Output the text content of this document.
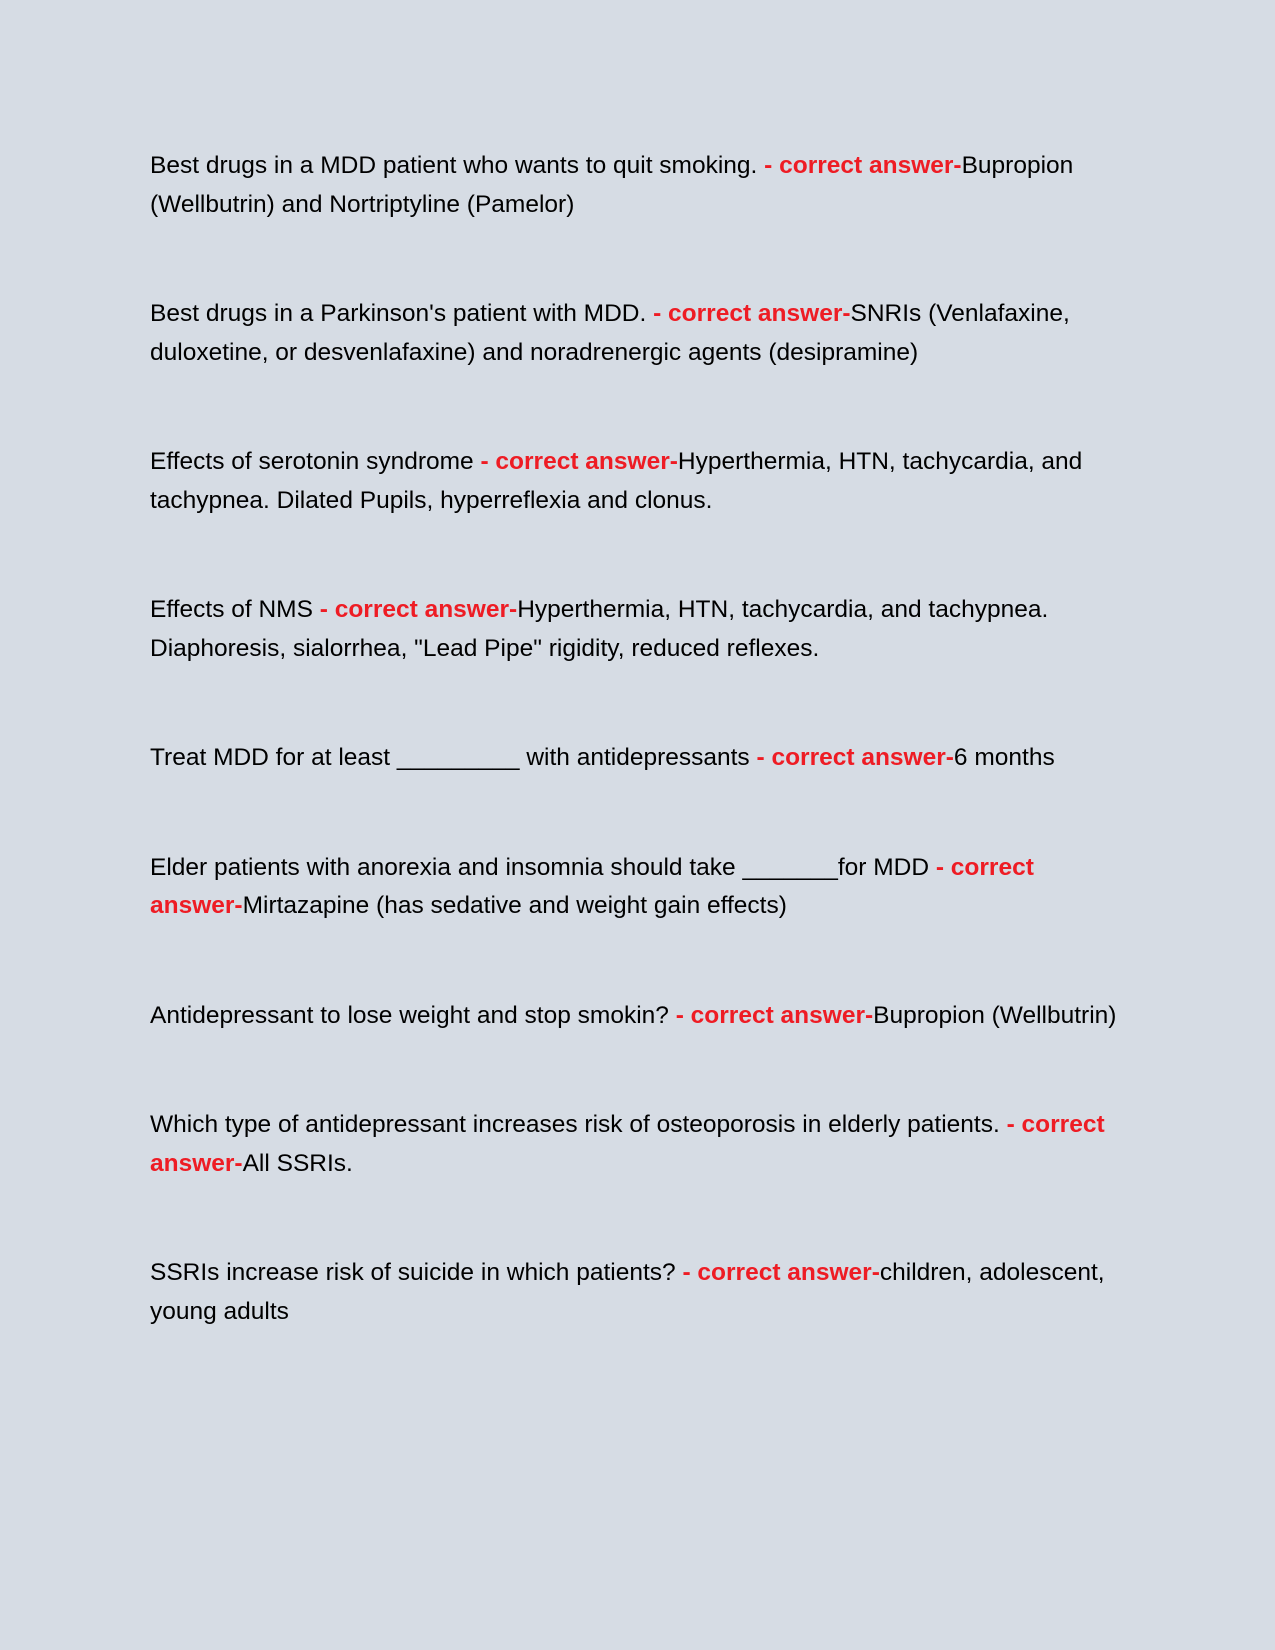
Best drugs in a MDD patient who wants to quit smoking. - correct answer-Bupropion (Wellbutrin) and Nortriptyline (Pamelor)

Best drugs in a Parkinson's patient with MDD. - correct answer-SNRIs (Venlafaxine, duloxetine, or desvenlafaxine) and noradrenergic agents (desipramine)

Effects of serotonin syndrome - correct answer-Hyperthermia, HTN, tachycardia, and tachypnea. Dilated Pupils, hyperreflexia and clonus.

Effects of NMS - correct answer-Hyperthermia, HTN, tachycardia, and tachypnea. Diaphoresis, sialorrhea, "Lead Pipe" rigidity, reduced reflexes.

Treat MDD for at least _________ with antidepressants - correct answer-6 months

Elder patients with anorexia and insomnia should take _______for MDD - correct answer-Mirtazapine (has sedative and weight gain effects)

Antidepressant to lose weight and stop smokin? - correct answer-Bupropion (Wellbutrin)

Which type of antidepressant increases risk of osteoporosis in elderly patients. - correct answer-All SSRIs.

SSRIs increase risk of suicide in which patients? - correct answer-children, adolescent, young adults
